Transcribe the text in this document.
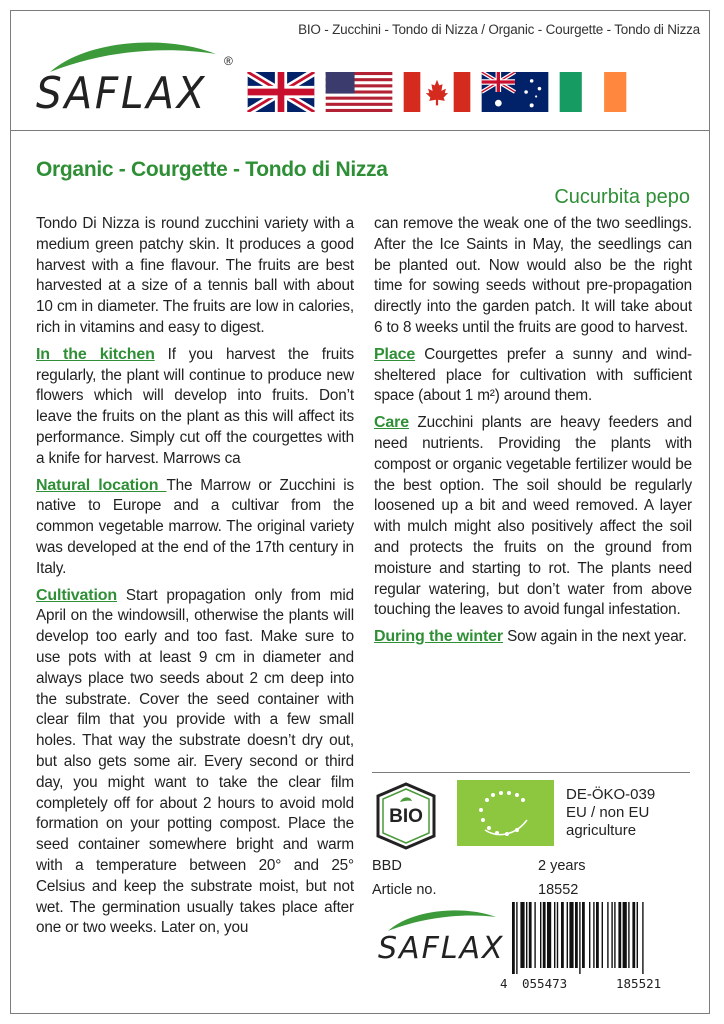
BIO - Zucchini - Tondo di Nizza / Organic - Courgette - Tondo di Nizza
SAFLAX
®
Organic - Courgette - Tondo di Nizza
Cucurbita pepo

Tondo Di Nizza is round zucchini variety with a medium green patchy skin. It produces a good harvest with a fine flavour. The fruits are best harvested at a size of a tennis ball with about 10 cm in diameter. The fruits are low in calories, rich in vitamins and easy to digest.

In the kitchen If you harvest the fruits regularly, the plant will continue to produce new flowers which will develop into fruits. Don’t leave the fruits on the plant as this will affect its performance. Simply cut off the courgettes with a knife for harvest. Marrows ca

Natural location The Marrow or Zucchini is native to Europe and a cultivar from the common vegetable marrow. The original variety was developed at the end of the 17th century in Italy.

Cultivation Start propagation only from mid April on the windowsill, otherwise the plants will develop too early and too fast. Make sure to use pots with at least 9 cm in diameter and always place two seeds about 2 cm deep into the substrate. Cover the seed container with clear film that you provide with a few small holes. That way the substrate doesn’t dry out, but also gets some air. Every second or third day, you might want to take the clear film completely off for about 2 hours to avoid mold formation on your potting compost. Place the seed container somewhere bright and warm with a temperature between 20° and 25° Celsius and keep the substrate moist, but not wet. The germination usually takes place after one or two weeks. Later on, you

can remove the weak one of the two seedlings. After the Ice Saints in May, the seedlings can be planted out. Now would also be the right time for sowing seeds without pre-propagation directly into the garden patch. It will take about 6 to 8 weeks until the fruits are good to harvest.

Place Courgettes prefer a sunny and wind-sheltered place for cultivation with sufficient space (about 1 m²) around them.

Care Zucchini plants are heavy feeders and need nutrients. Providing the plants with compost or organic vegetable fertilizer would be the best option. The soil should be regularly loosened up a bit and weed removed. A layer with mulch might also positively affect the soil and protects the fruits on the ground from moisture and starting to rot. The plants need regular watering, but don’t water from above touching the leaves to avoid fungal infestation.

During the winter Sow again in the next year.

BIO
DE-ÖKO-039
EU / non EU
agriculture
BBD	2 years
Article no.	18552
SAFLAX
4 055473	185521
